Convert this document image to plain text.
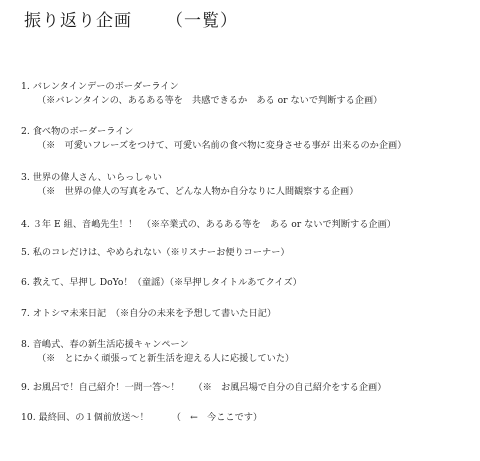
振り返り企画 （一覧）
1. バレンタインデーのボーダーライン
（※バレンタインの、あるある等を　共感できるか　ある or ないで判断する企画）
2. 食べ物のボーダーライン
（※　可愛いフレーズをつけて、可愛い名前の食べ物に変身させる事が 出来るのか企画）
3. 世界の偉人さん、いらっしゃい
（※　世界の偉人の写真をみて、どんな人物か自分なりに人間観察する企画）
4. ３年 E 組、音嶋先生！！　（※卒業式の、あるある等を　ある or ないで判断する企画）
5. 私のコレだけは、やめられない（※リスナーお便りコーナー）
6. 教えて、早押し DoYo！（童謡）（※早押しタイトルあてクイズ）
7. オトシマ未来日記　（※自分の未来を予想して書いた日記）
8. 音嶋式、春の新生活応援キャンペーン
（※　とにかく頑張ってと新生活を迎える人に応援していた）
9. お風呂で！自己紹介！一問一答～！　　（※　お風呂場で自分の自己紹介をする企画）
10. 最終回、の１個前放送～！　　　（　←　今ここです）
